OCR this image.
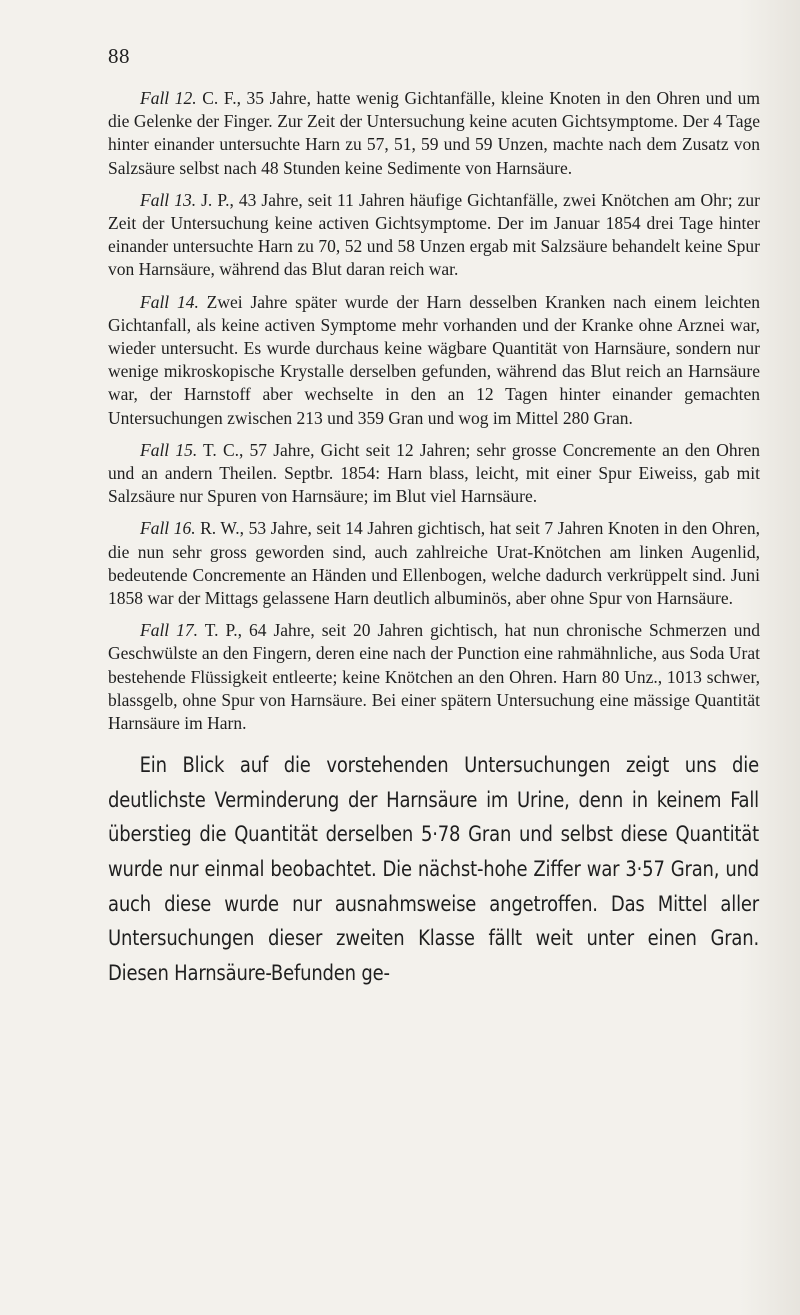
88

Fall 12. C. F., 35 Jahre, hatte wenig Gichtanfälle, kleine Knoten in den Ohren und um die Gelenke der Finger. Zur Zeit der Untersuchung keine acuten Gichtsymptome. Der 4 Tage hinter einander untersuchte Harn zu 57, 51, 59 und 59 Unzen, machte nach dem Zusatz von Salzsäure selbst nach 48 Stunden keine Sedimente von Harnsäure.

Fall 13. J. P., 43 Jahre, seit 11 Jahren häufige Gichtanfälle, zwei Knötchen am Ohr; zur Zeit der Untersuchung keine activen Gichtsymptome. Der im Januar 1854 drei Tage hinter einander untersuchte Harn zu 70, 52 und 58 Unzen ergab mit Salzsäure behandelt keine Spur von Harnsäure, während das Blut daran reich war.

Fall 14. Zwei Jahre später wurde der Harn desselben Kranken nach einem leichten Gichtanfall, als keine activen Symptome mehr vorhanden und der Kranke ohne Arznei war, wieder untersucht. Es wurde durchaus keine wägbare Quantität von Harnsäure, sondern nur wenige mikroskopische Krystalle derselben gefunden, während das Blut reich an Harnsäure war, der Harnstoff aber wechselte in den an 12 Tagen hinter einander gemachten Untersuchungen zwischen 213 und 359 Gran und wog im Mittel 280 Gran.

Fall 15. T. C., 57 Jahre, Gicht seit 12 Jahren; sehr grosse Concremente an den Ohren und an andern Theilen. Septbr. 1854: Harn blass, leicht, mit einer Spur Eiweiss, gab mit Salzsäure nur Spuren von Harnsäure; im Blut viel Harnsäure.

Fall 16. R. W., 53 Jahre, seit 14 Jahren gichtisch, hat seit 7 Jahren Knoten in den Ohren, die nun sehr gross geworden sind, auch zahlreiche Urat-Knötchen am linken Augenlid, bedeutende Concremente an Händen und Ellenbogen, welche dadurch verkrüppelt sind. Juni 1858 war der Mittags gelassene Harn deutlich albuminös, aber ohne Spur von Harnsäure.

Fall 17. T. P., 64 Jahre, seit 20 Jahren gichtisch, hat nun chronische Schmerzen und Geschwülste an den Fingern, deren eine nach der Punction eine rahmähnliche, aus Soda Urat bestehende Flüssigkeit entleerte; keine Knötchen an den Ohren. Harn 80 Unz., 1013 schwer, blassgelb, ohne Spur von Harnsäure. Bei einer spätern Untersuchung eine mässige Quantität Harnsäure im Harn.

Ein Blick auf die vorstehenden Untersuchungen zeigt uns die deutlichste Verminderung der Harnsäure im Urine, denn in keinem Fall überstieg die Quantität derselben 5·78 Gran und selbst diese Quantität wurde nur einmal beobachtet. Die nächst-hohe Ziffer war 3·57 Gran, und auch diese wurde nur ausnahmsweise angetroffen. Das Mittel aller Untersuchungen dieser zweiten Klasse fällt weit unter einen Gran. Diesen Harnsäure-Befunden ge-
